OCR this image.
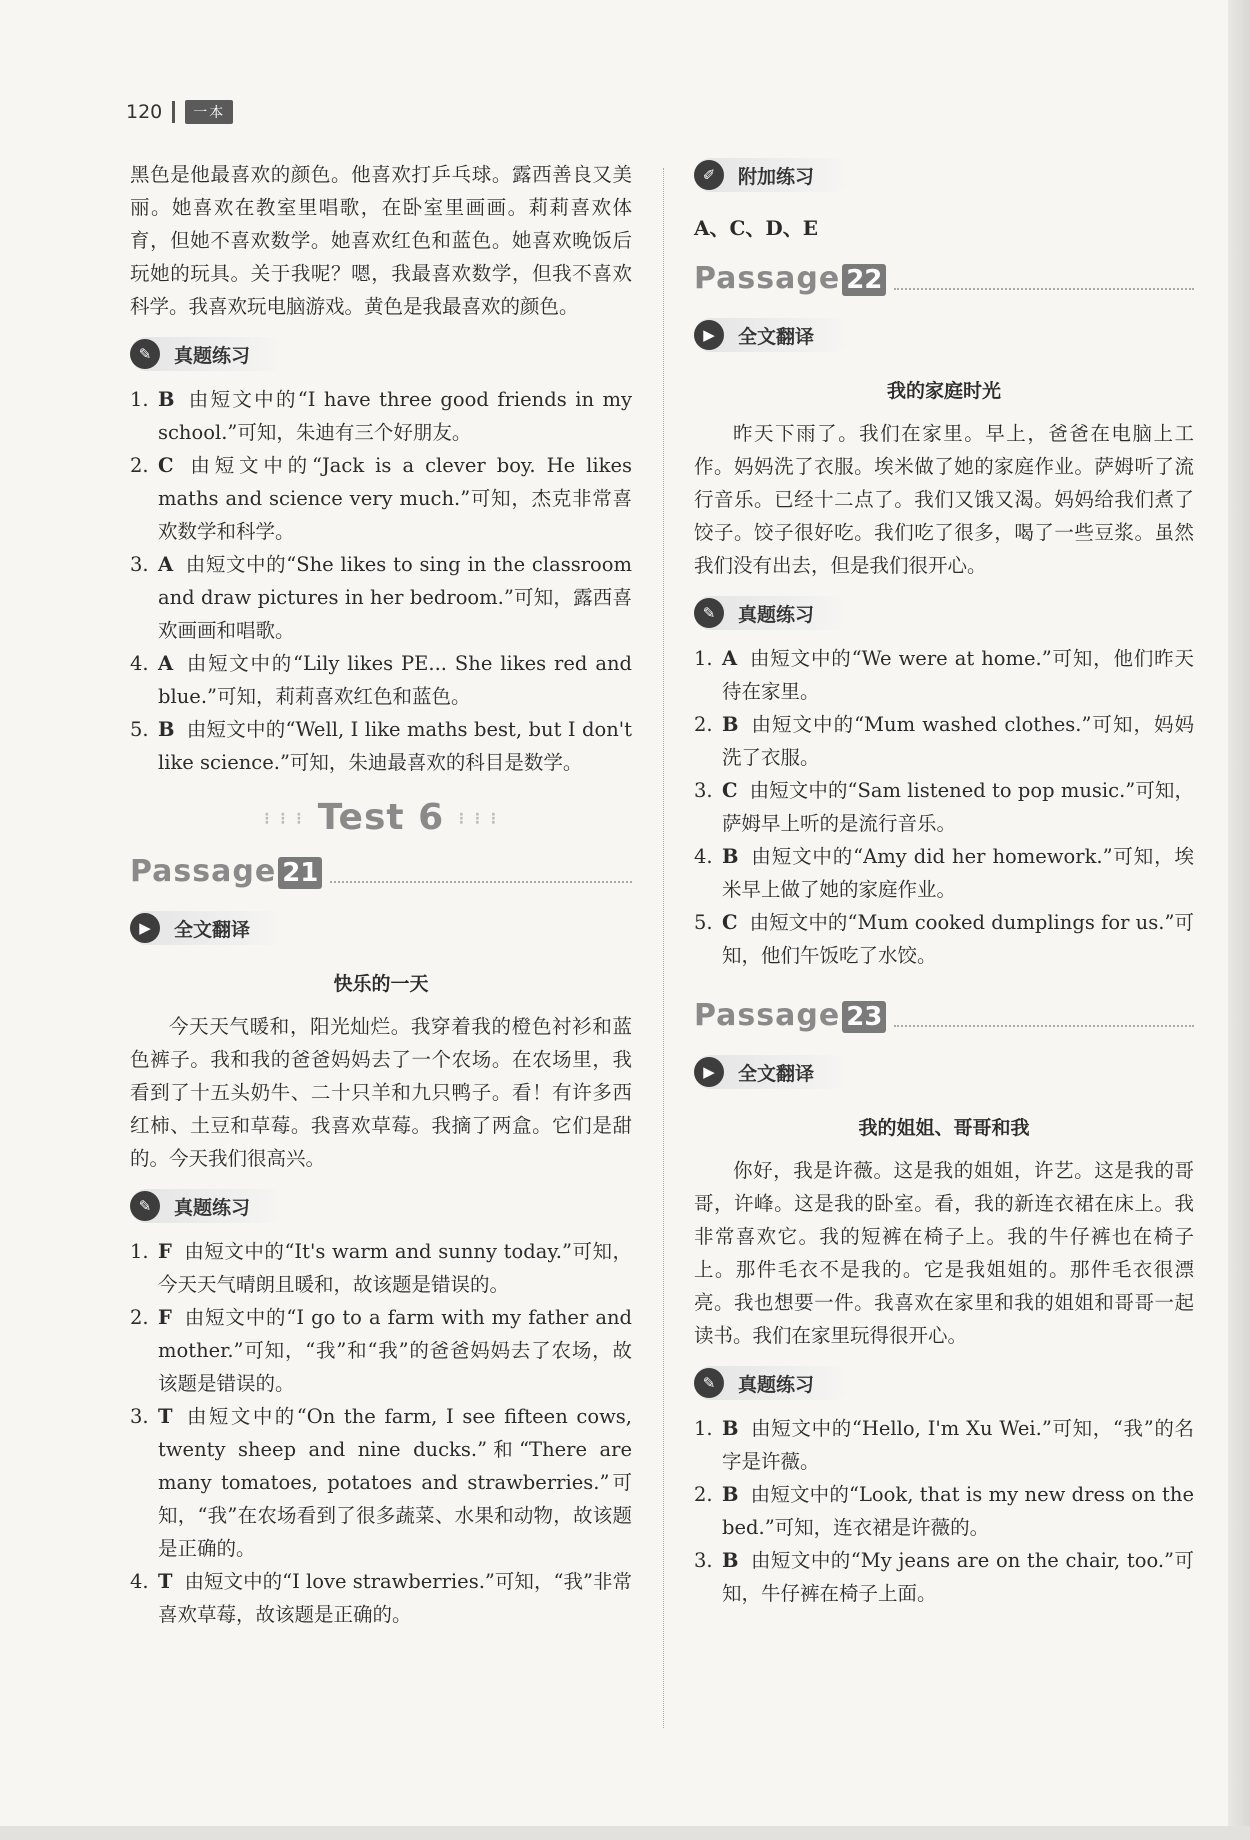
120	一本

黑色是他最喜欢的颜色。他喜欢打乒乓球。露西善良又美丽。她喜欢在教室里唱歌，在卧室里画画。莉莉喜欢体育，但她不喜欢数学。她喜欢红色和蓝色。她喜欢晚饭后玩她的玩具。关于我呢？嗯，我最喜欢数学，但我不喜欢科学。我喜欢玩电脑游戏。黄色是我最喜欢的颜色。

✎	真题练习
1. B 由短文中的“I have three good friends in my school.”可知，朱迪有三个好朋友。
2. C 由短文中的“Jack is a clever boy. He likes maths and science very much.”可知，杰克非常喜欢数学和科学。
3. A 由短文中的“She likes to sing in the classroom and draw pictures in her bedroom.”可知，露西喜欢画画和唱歌。
4. A 由短文中的“Lily likes PE... She likes red and blue.”可知，莉莉喜欢红色和蓝色。
5. B 由短文中的“Well, I like maths best, but I don't like science.”可知，朱迪最喜欢的科目是数学。
⋮⋮⋮ Test 6 ⋮⋮⋮
Passage 21
▶	全文翻译
快乐的一天

今天天气暖和，阳光灿烂。我穿着我的橙色衬衫和蓝色裤子。我和我的爸爸妈妈去了一个农场。在农场里，我看到了十五头奶牛、二十只羊和九只鸭子。看！有许多西红柿、土豆和草莓。我喜欢草莓。我摘了两盒。它们是甜的。今天我们很高兴。

✎	真题练习
1. F 由短文中的“It's warm and sunny today.”可知，今天天气晴朗且暖和，故该题是错误的。
2. F 由短文中的“I go to a farm with my father and mother.”可知，“我”和“我”的爸爸妈妈去了农场，故该题是错误的。
3. T 由短文中的“On the farm, I see fifteen cows, twenty sheep and nine ducks.”和“There are many tomatoes, potatoes and strawberries.”可知，“我”在农场看到了很多蔬菜、水果和动物，故该题是正确的。
4. T 由短文中的“I love strawberries.”可知，“我”非常喜欢草莓，故该题是正确的。
✐	附加练习
A、C、D、E
Passage 22
▶	全文翻译
我的家庭时光

昨天下雨了。我们在家里。早上，爸爸在电脑上工作。妈妈洗了衣服。埃米做了她的家庭作业。萨姆听了流行音乐。已经十二点了。我们又饿又渴。妈妈给我们煮了饺子。饺子很好吃。我们吃了很多，喝了一些豆浆。虽然我们没有出去，但是我们很开心。

✎	真题练习
1. A 由短文中的“We were at home.”可知，他们昨天待在家里。
2. B 由短文中的“Mum washed clothes.”可知，妈妈洗了衣服。
3. C 由短文中的“Sam listened to pop music.”可知，萨姆早上听的是流行音乐。
4. B 由短文中的“Amy did her homework.”可知，埃米早上做了她的家庭作业。
5. C 由短文中的“Mum cooked dumplings for us.”可知，他们午饭吃了水饺。
Passage 23
▶	全文翻译
我的姐姐、哥哥和我

你好，我是许薇。这是我的姐姐，许艺。这是我的哥哥，许峰。这是我的卧室。看，我的新连衣裙在床上。我非常喜欢它。我的短裤在椅子上。我的牛仔裤也在椅子上。那件毛衣不是我的。它是我姐姐的。那件毛衣很漂亮。我也想要一件。我喜欢在家里和我的姐姐和哥哥一起读书。我们在家里玩得很开心。

✎	真题练习
1. B 由短文中的“Hello, I'm Xu Wei.”可知，“我”的名字是许薇。
2. B 由短文中的“Look, that is my new dress on the bed.”可知，连衣裙是许薇的。
3. B 由短文中的“My jeans are on the chair, too.”可知，牛仔裤在椅子上面。
